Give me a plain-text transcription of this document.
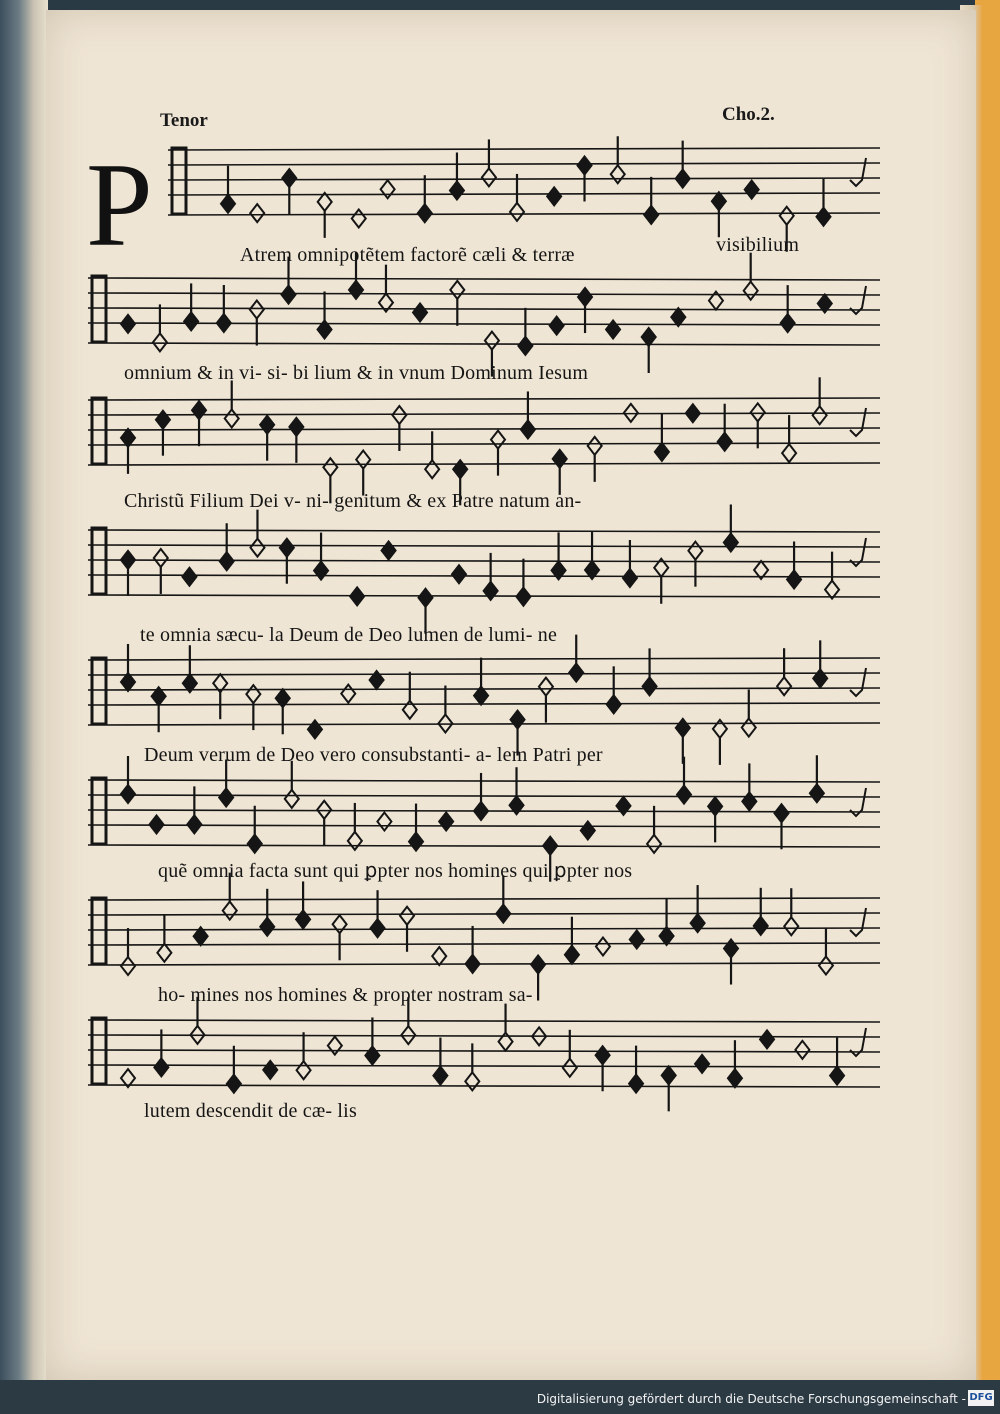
Tenor	Cho.2.
P	Atrem omnipotẽtem factorẽ cæli & terræ	visibilium
omnium & in vi- si- bi lium & in vnum Dominum Iesum
Christũ Filium Dei v- ni- genitum & ex Patre natum an-
te omnia sæcu- la Deum de Deo lumen de lumi- ne
Deum verum de Deo vero consubstanti- a- lem Patri per
quẽ omnia facta sunt qui ꝑpter nos homines qui ꝑpter nos
ho- mines nos homines & propter nostram sa-
lutem descendit de cæ- lis
Digitalisierung gefördert durch die Deutsche Forschungsgemeinschaft - DFG
